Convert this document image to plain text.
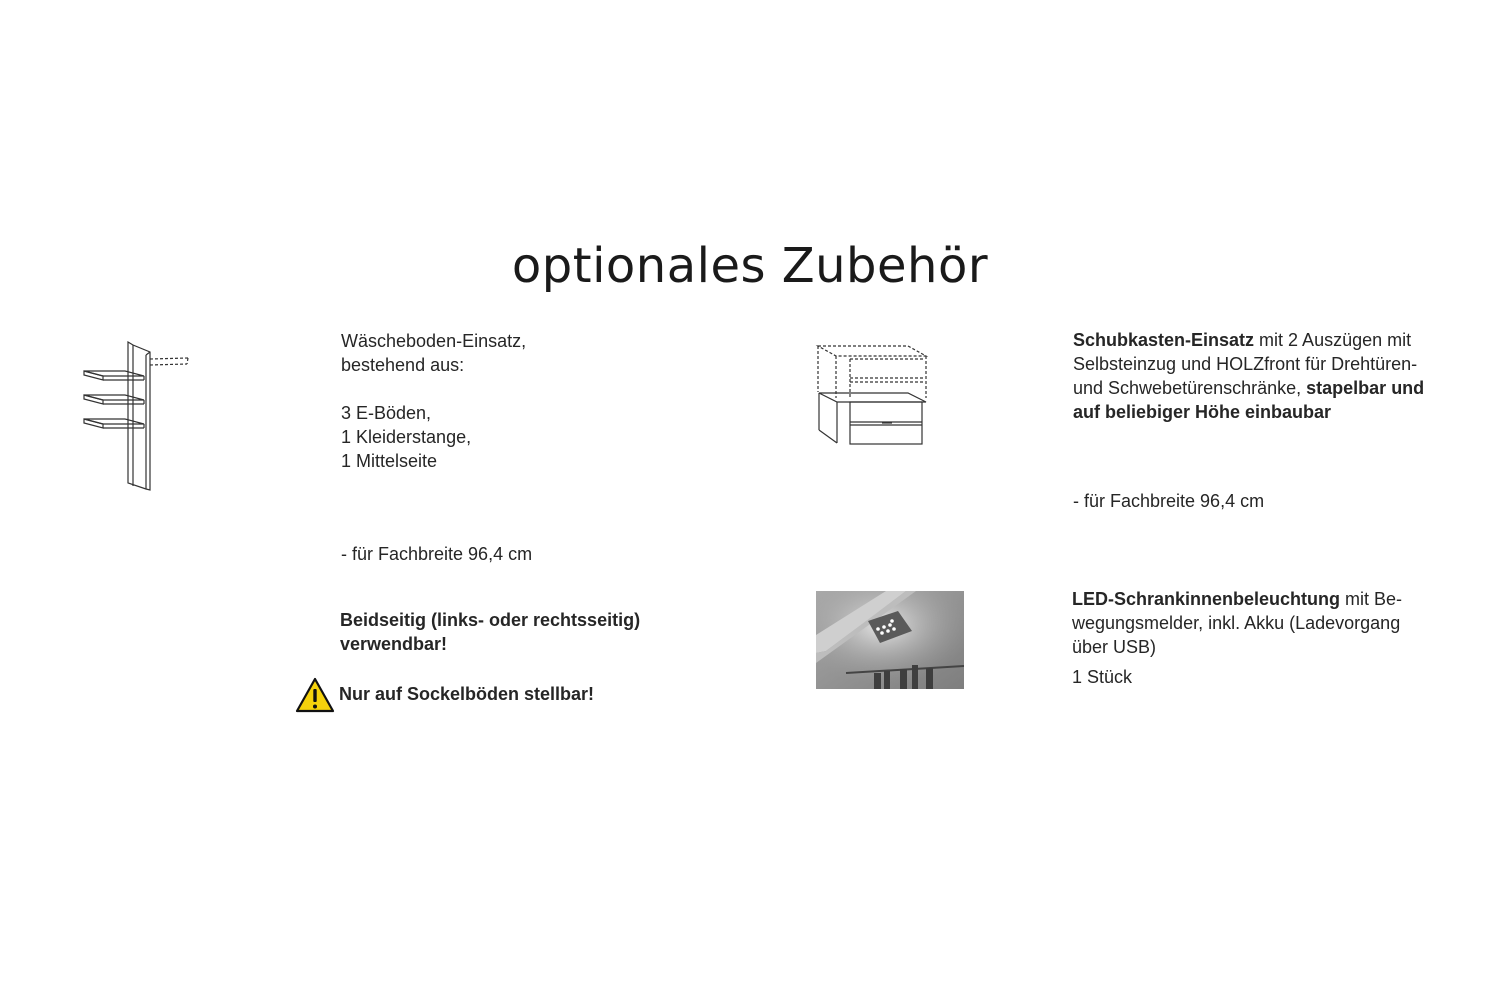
optionales Zubehör
Wäscheboden-Einsatz,
bestehend aus:
3 E-Böden,
1 Kleiderstange,
1 Mittelseite
- für Fachbreite 96,4 cm
Beidseitig (links- oder rechtsseitig)
verwendbar!
Nur auf Sockelböden stellbar!
Schubkasten-Einsatz mit 2 Auszügen mit
Selbsteinzug und HOLZfront für Drehtüren-
und Schwebetürenschränke, stapelbar und
auf beliebiger Höhe einbaubar
- für Fachbreite 96,4 cm
LED-Schrankinnenbeleuchtung mit Be-
wegungsmelder, inkl. Akku (Ladevorgang
über USB)
1 Stück
